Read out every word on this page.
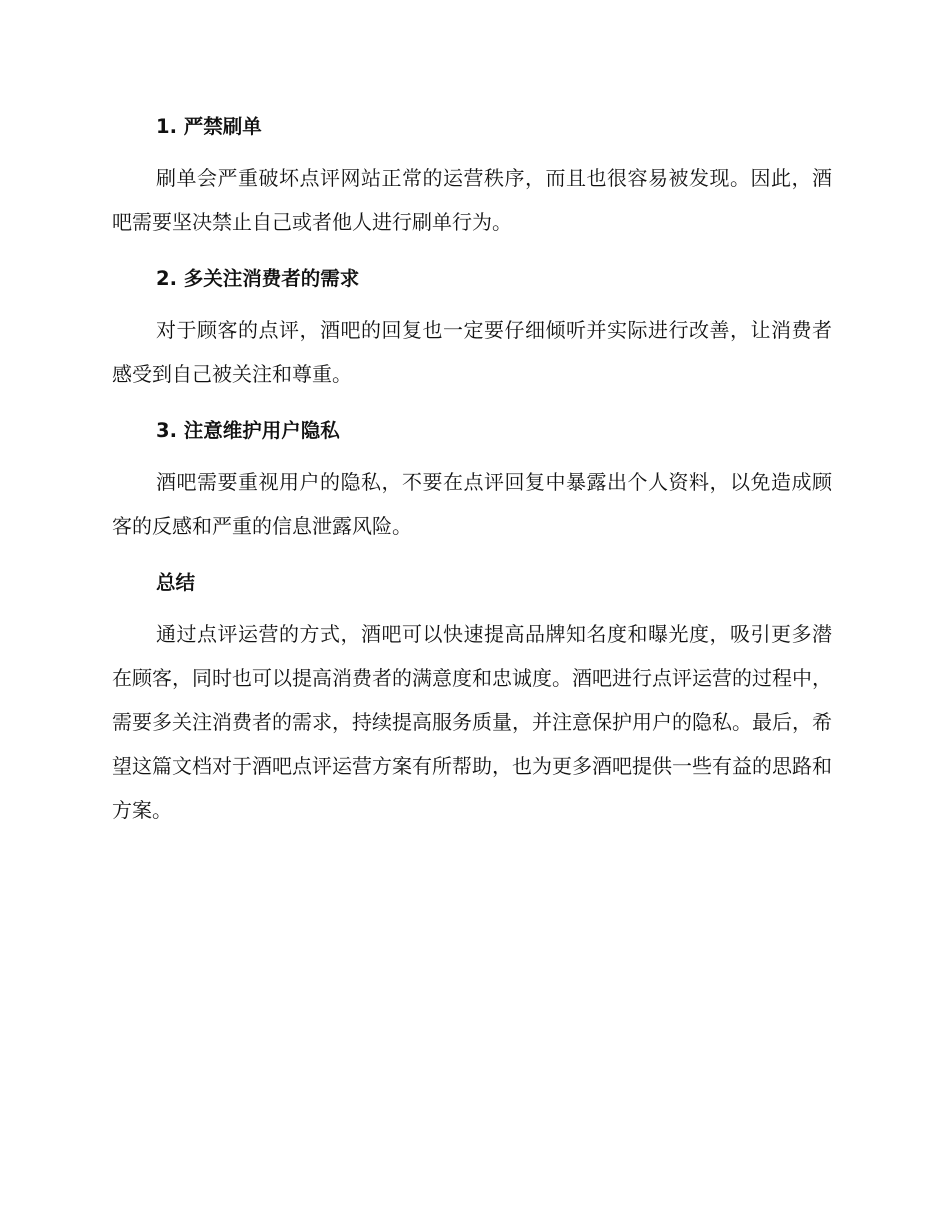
1. 严禁刷单

刷单会严重破坏点评网站正常的运营秩序，而且也很容易被发现。因此，酒吧需要坚决禁止自己或者他人进行刷单行为。

2. 多关注消费者的需求

对于顾客的点评，酒吧的回复也一定要仔细倾听并实际进行改善，让消费者感受到自己被关注和尊重。

3. 注意维护用户隐私

酒吧需要重视用户的隐私，不要在点评回复中暴露出个人资料，以免造成顾客的反感和严重的信息泄露风险。

总结

通过点评运营的方式，酒吧可以快速提高品牌知名度和曝光度，吸引更多潜在顾客，同时也可以提高消费者的满意度和忠诚度。酒吧进行点评运营的过程中，需要多关注消费者的需求，持续提高服务质量，并注意保护用户的隐私。最后，希望这篇文档对于酒吧点评运营方案有所帮助，也为更多酒吧提供一些有益的思路和方案。
